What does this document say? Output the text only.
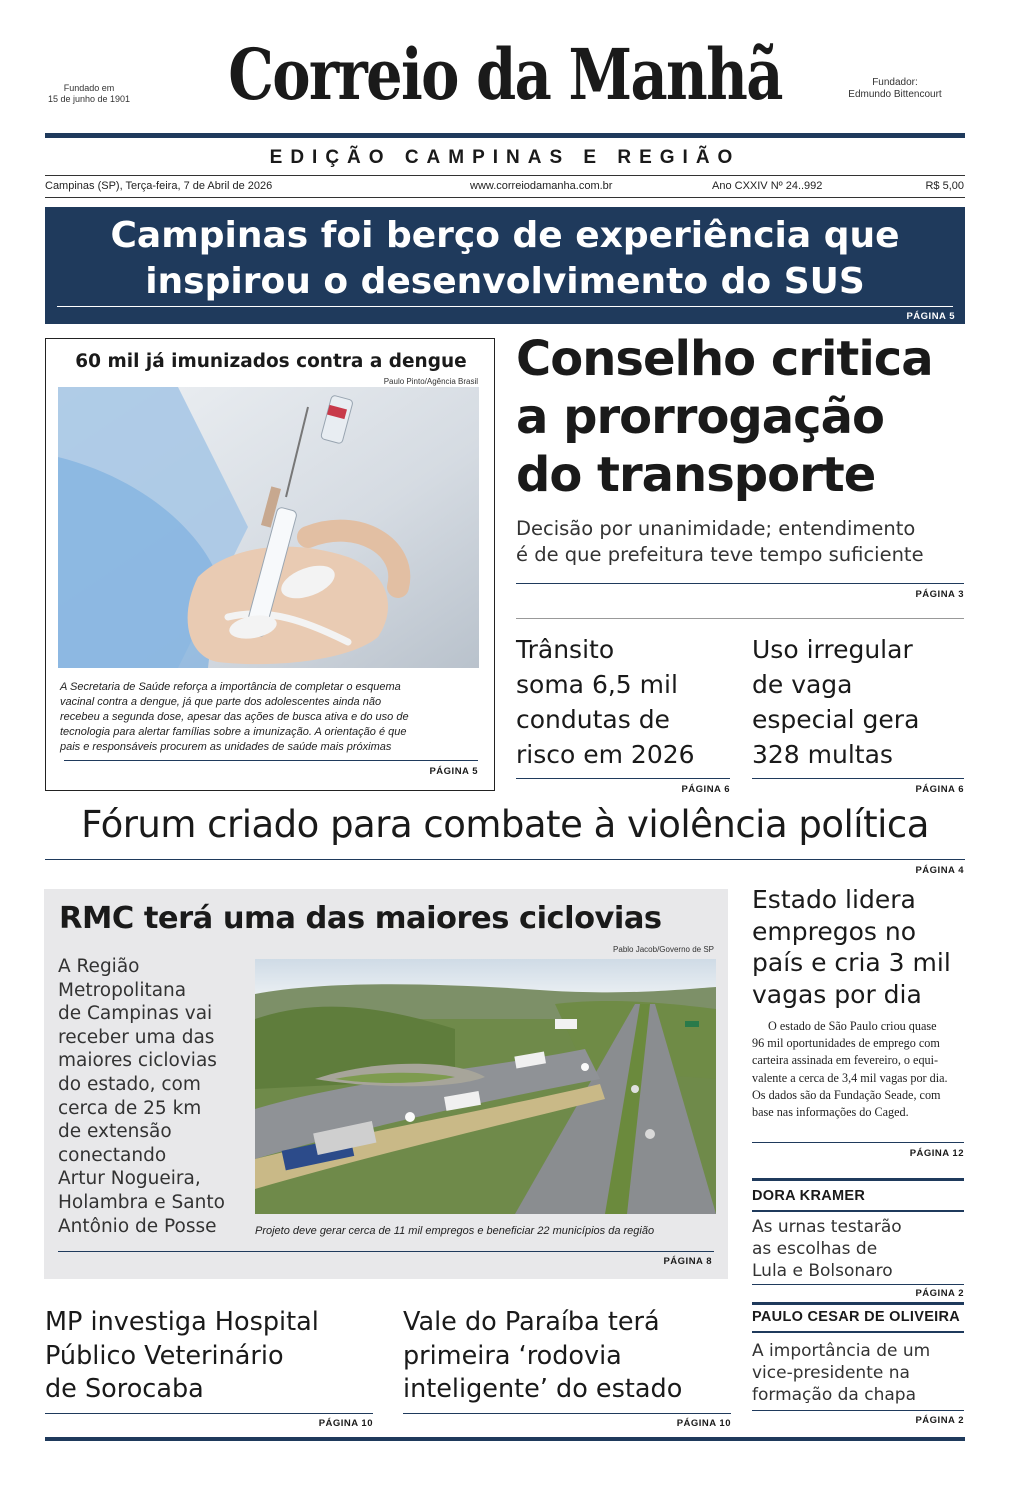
Fundado em
15 de junho de 1901 Correio da Manhã	Fundador:
Edmundo Bittencourt
EDIÇÃO CAMPINAS E REGIÃO
Campinas (SP), Terça-feira, 7 de Abril de 2026	www.correiodamanha.com.br	Ano CXXIV Nº 24..992	R$ 5,00
Campinas foi berço de experiência que
inspirou o desenvolvimento do SUS
PÁGINA 5
60 mil já imunizados contra a dengue
Paulo Pinto/Agência Brasil
A Secretaria de Saúde reforça a importância de completar o esquema
vacinal contra a dengue, já que parte dos adolescentes ainda não
recebeu a segunda dose, apesar das ações de busca ativa e do uso de
tecnologia para alertar famílias sobre a imunização. A orientação é que
pais e responsáveis procurem as unidades de saúde mais próximas
PÁGINA 5
Conselho critica
a prorrogação
do transporte
Decisão por unanimidade; entendimento
é de que prefeitura teve tempo suficiente
PÁGINA 3
Trânsito
soma 6,5 mil
condutas de
risco em 2026
PÁGINA 6
Uso irregular
de vaga
especial gera
328 multas
PÁGINA 6
Fórum criado para combate à violência política
PÁGINA 4
RMC terá uma das maiores ciclovias
Pablo Jacob/Governo de SP
A Região
Metropolitana
de Campinas vai
receber uma das
maiores ciclovias
do estado, com
cerca de 25 km
de extensão
conectando
Artur Nogueira,
Holambra e Santo
Antônio de Posse	Projeto deve gerar cerca de 11 mil empregos e beneficiar 22 municípios da região
PÁGINA 8
Estado lidera
empregos no
país e cria 3 mil
vagas por dia
O estado de São Paulo criou quase
96 mil oportunidades de emprego com
carteira assinada em fevereiro, o equi-
valente a cerca de 3,4 mil vagas por dia.
Os dados são da Fundação Seade, com
base nas informações do Caged.
PÁGINA 12
DORA KRAMER
As urnas testarão
as escolhas de
Lula e Bolsonaro
PÁGINA 2
PAULO CESAR DE OLIVEIRA
A importância de um
vice-presidente na
formação da chapa
PÁGINA 2
MP investiga Hospital
Público Veterinário
de Sorocaba
PÁGINA 10
Vale do Paraíba terá
primeira ‘rodovia
inteligente’ do estado
PÁGINA 10
